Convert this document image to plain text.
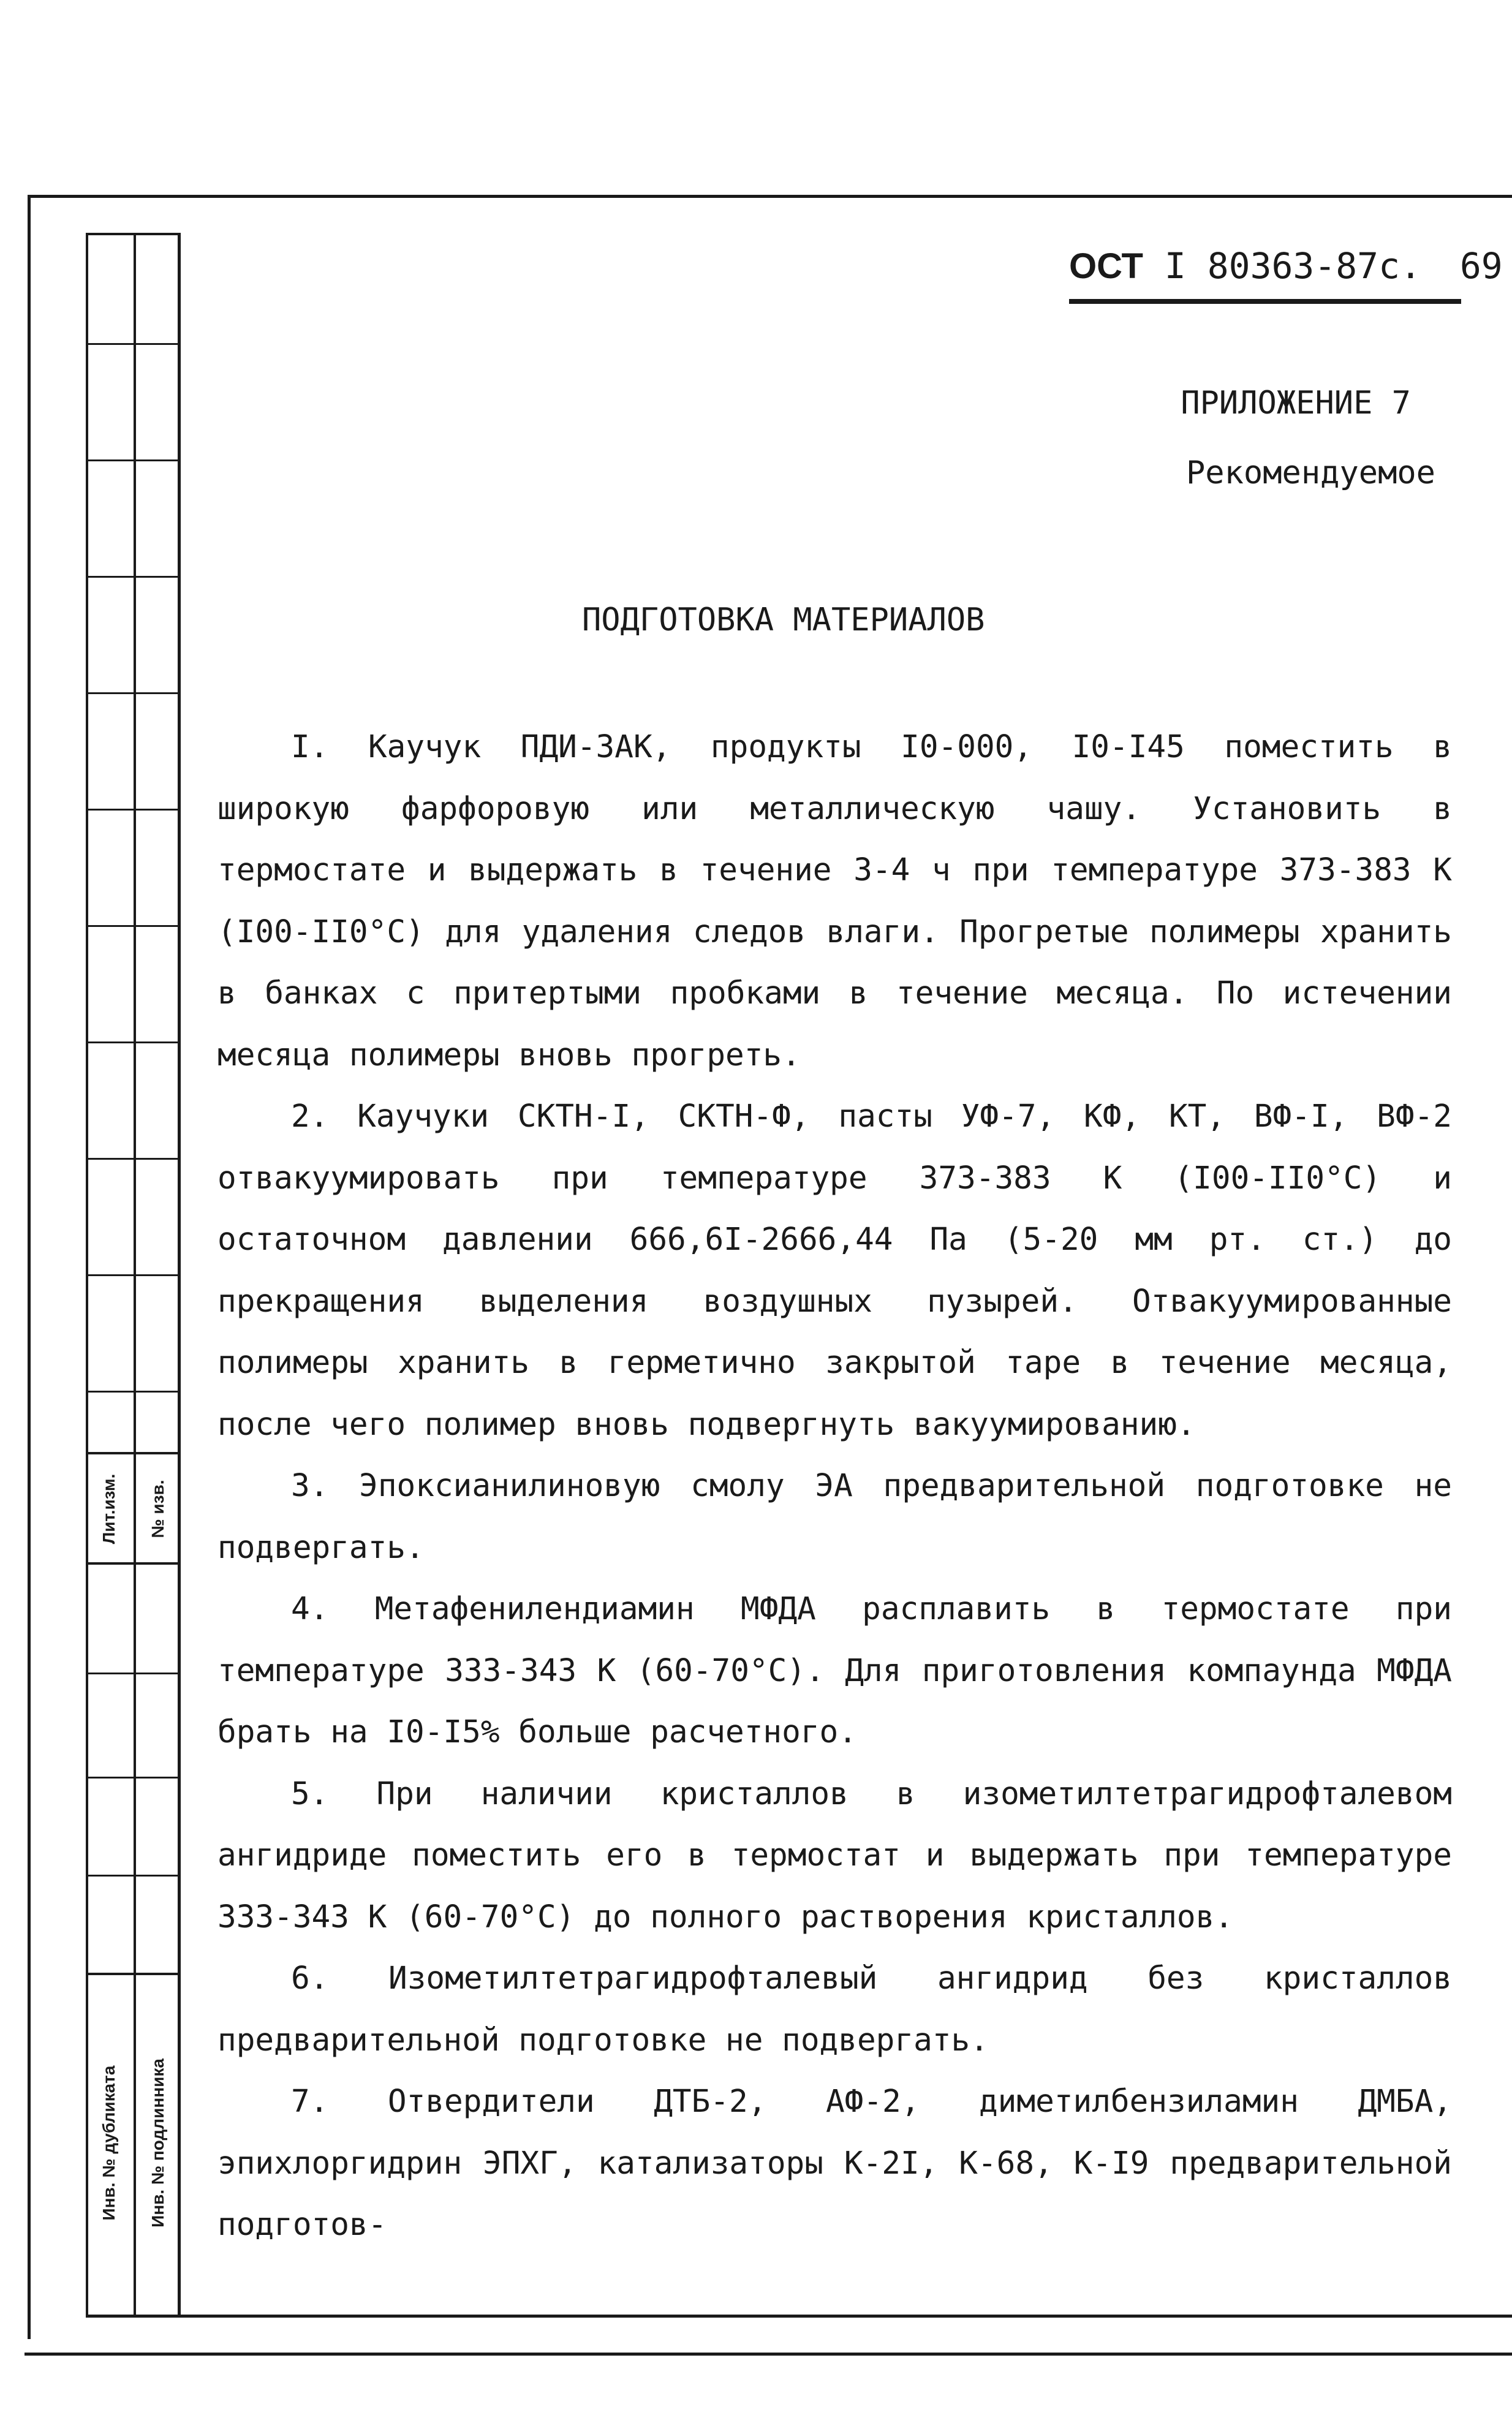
Лит.изм. № изв.
Инв. № дубликата Инв. № подлинника
ОСТ I 80363-87с. 69
ПРИЛОЖЕНИЕ 7
Рекомендуемое
ПОДГОТОВКА МАТЕРИАЛОВ

I. Каучук ПДИ-ЗАК, продукты I0-000, I0-I45 поместить в широкую фарфоровую или металлическую чашу. Установить в термостате и выдержать в течение 3-4 ч при температуре 373-383 К (I00-II0°С) для удаления следов влаги. Прогретые полимеры хранить в банках с притертыми пробками в течение месяца. По истечении месяца полимеры вновь прогреть.

2. Каучуки СКТН-I, СКТН-Ф, пасты УФ-7, КФ, КТ, ВФ-I, ВФ-2 отвакуумировать при температуре 373-383 К (I00-II0°С) и остаточном давлении 666,6I-2666,44 Па (5-20 мм рт. ст.) до прекращения выделения воздушных пузырей. Отвакуумированные полимеры хранить в герметично закрытой таре в течение месяца, после чего полимер вновь подвергнуть вакуумированию.

3. Эпоксианилиновую смолу ЭА предварительной подготовке не подвергать.

4. Метафенилендиамин МФДА расплавить в термостате при температуре 333-343 К (60-70°С). Для приготовления компаунда МФДА брать на I0-I5% больше расчетного.

5. При наличии кристаллов в изометилтетрагидрофталевом ангидриде поместить его в термостат и выдержать при температуре 333-343 К (60-70°С) до полного растворения кристаллов.

6. Изометилтетрагидрофталевый ангидрид без кристаллов предварительной подготовке не подвергать.

7. Отвердители ДТБ-2, АФ-2, диметилбензиламин ДМБА, эпихлоргидрин ЭПХГ, катализаторы К-2I, К-68, К-I9 предварительной подготов-
